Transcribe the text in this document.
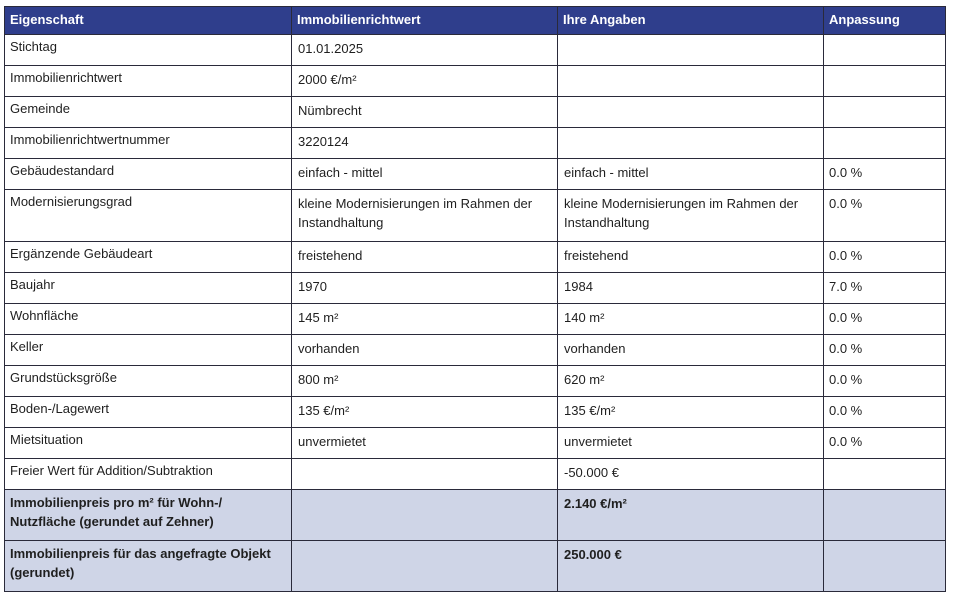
Eigenschaft	Immobilienrichtwert	Ihre Angaben	Anpassung
Stichtag	01.01.2025		
Immobilienrichtwert	2000 €/m²		
Gemeinde	Nümbrecht		
Immobilienrichtwertnummer	3220124		
Gebäudestandard	einfach - mittel	einfach - mittel	0.0 %
Modernisierungsgrad	kleine Modernisierungen im Rahmen der Instandhaltung	kleine Modernisierungen im Rahmen der Instandhaltung	0.0 %
Ergänzende Gebäudeart	freistehend	freistehend	0.0 %
Baujahr	1970	1984	7.0 %
Wohnfläche	145 m²	140 m²	0.0 %
Keller	vorhanden	vorhanden	0.0 %
Grundstücksgröße	800 m²	620 m²	0.0 %
Boden-/Lagewert	135 €/m²	135 €/m²	0.0 %
Mietsituation	unvermietet	unvermietet	0.0 %
Freier Wert für Addition/Subtraktion		-50.000 €	
Immobilienpreis pro m² für Wohn-/ Nutzfläche (gerundet auf Zehner)		2.140 €/m²	
Immobilienpreis für das angefragte Objekt (gerundet)		250.000 €	
